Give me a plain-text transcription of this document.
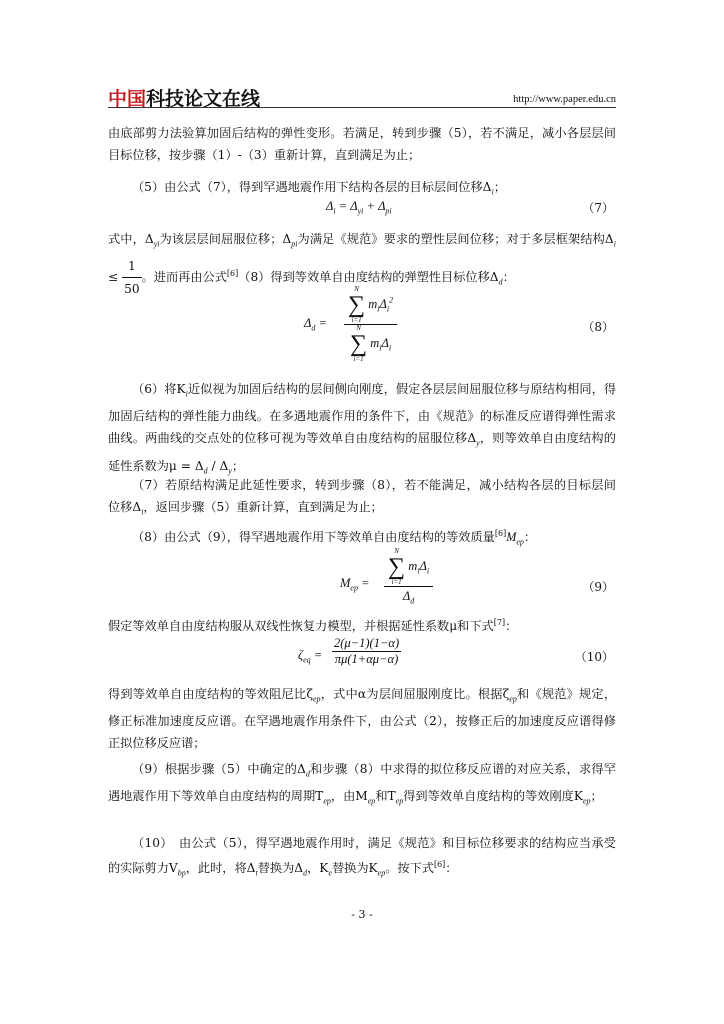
中国科技论文在线	http://www.paper.edu.cn

由底部剪力法验算加固后结构的弹性变形。若满足，转到步骤（5），若不满足，减小各层层间目标位移，按步骤（1）-（3）重新计算，直到满足为止；

（5）由公式（7），得到罕遇地震作用下结构各层的目标层间位移$\Delta_i$；

$\Delta_i = \Delta_{yi} + \Delta_{pi}$	（7）

式中，$\Delta_{yi}$为该层层间屈服位移；$\Delta_{pi}$为满足《规范》要求的塑性层间位移；对于多层框架结构$\Delta_i \le \frac{1}{50}$ 。进而再由公式[6]（8）得到等效单自由度结构的弹塑性目标位移$\Delta_d$：

$\Delta_d$ =
N
∑
i=1
$m_i\Delta_i^2$
N
∑
i=1
$m_i\Delta_i$
（8）

（6）将$K_i$近似视为加固后结构的层间侧向刚度，假定各层层间屈服位移与原结构相同，得加固后结构的弹性能力曲线。在多遇地震作用的条件下，由《规范》的标准反应谱得弹性需求曲线。两曲线的交点处的位移可视为等效单自由度结构的屈服位移$\Delta_y$，则等效单自由度结构的延性系数为$\mu = \Delta_d / \Delta_y$；

（7）若原结构满足此延性要求，转到步骤（8），若不能满足，减小结构各层的目标层间位移$\Delta_i$，返回步骤（5）重新计算，直到满足为止；

（8）由公式（9），得罕遇地震作用下等效单自由度结构的等效质量$[6]M_{ep}$：

$M_{ep}$ =
N
∑
i=1
$m_i\Delta_i$
$\Delta_d$
（9）

假定等效单自由度结构服从双线性恢复力模型，并根据延性系数μ和下式[7]：

$\zeta_{eq} = \frac{2(\mu-1)(1-\alpha)}{\pi\mu(1+\alpha\mu-\alpha)}$	（10）

得到等效单自由度结构的等效阻尼比$\zeta_{ep}$，式中α为层间屈服刚度比。根据$\zeta_{ep}$和《规范》规定，修正标准加速度反应谱。在罕遇地震作用条件下，由公式（2），按修正后的加速度反应谱得修正拟位移反应谱；

（9）根据步骤（5）中确定的$\Delta_d$和步骤（8）中求得的拟位移反应谱的对应关系，求得罕遇地震作用下等效单自由度结构的周期$T_{ep}$，由$M_{ep}$和$T_{ep}$得到等效单自度结构的等效刚度$K_{ep}$；

（10）　由公式（5），得罕遇地震作用时，满足《规范》和目标位移要求的结构应当承受的实际剪力$V_{bp}$，此时，将$\Delta_t$替换为$\Delta_d$，$K_e$替换为$K_{ep}$。按下式[6]：

- 3 -
